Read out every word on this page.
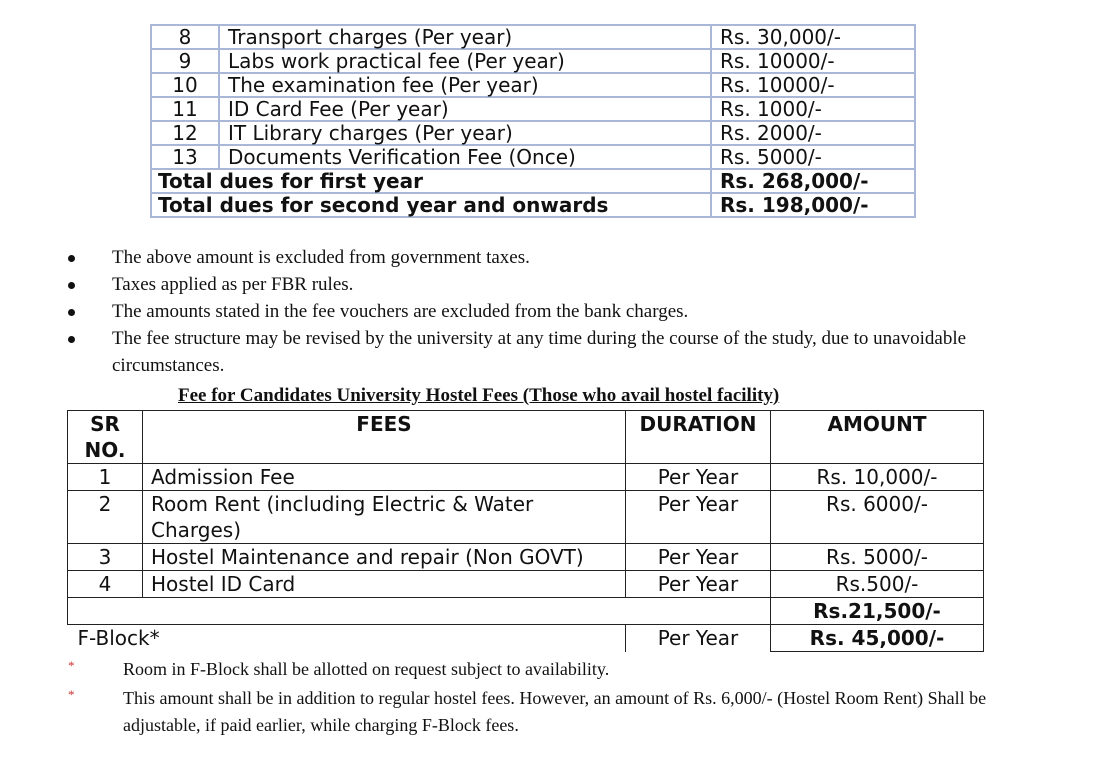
8	Transport charges (Per year)	Rs. 30,000/-
9	Labs work practical fee (Per year)	Rs. 10000/-
10	The examination fee (Per year)	Rs. 10000/-
11	ID Card Fee (Per year)	Rs. 1000/-
12	IT Library charges (Per year)	Rs. 2000/-
13	Documents Verification Fee (Once)	Rs. 5000/-
Total dues for first year		Rs. 268,000/-
Total dues for second year and onwards		Rs. 198,000/-
The above amount is excluded from government taxes.
Taxes applied as per FBR rules.
The amounts stated in the fee vouchers are excluded from the bank charges.
The fee structure may be revised by the university at any time during the course of the study, due to unavoidable circumstances.
Fee for Candidates University Hostel Fees (Those who avail hostel facility)
SR NO.	FEES	DURATION	AMOUNT
1	Admission Fee	Per Year	Rs. 10,000/-
2	Room Rent (including Electric & Water Charges)	Per Year	Rs. 6000/-
3	Hostel Maintenance and repair (Non GOVT)	Per Year	Rs. 5000/-
4	Hostel ID Card	Per Year	Rs.500/-
			Rs.21,500/-
F-Block*		Per Year	Rs. 45,000/-
*	Room in F-Block shall be allotted on request subject to availability.
*	This amount shall be in addition to regular hostel fees. However, an amount of Rs. 6,000/- (Hostel Room Rent) Shall be adjustable, if paid earlier, while charging F-Block fees.
